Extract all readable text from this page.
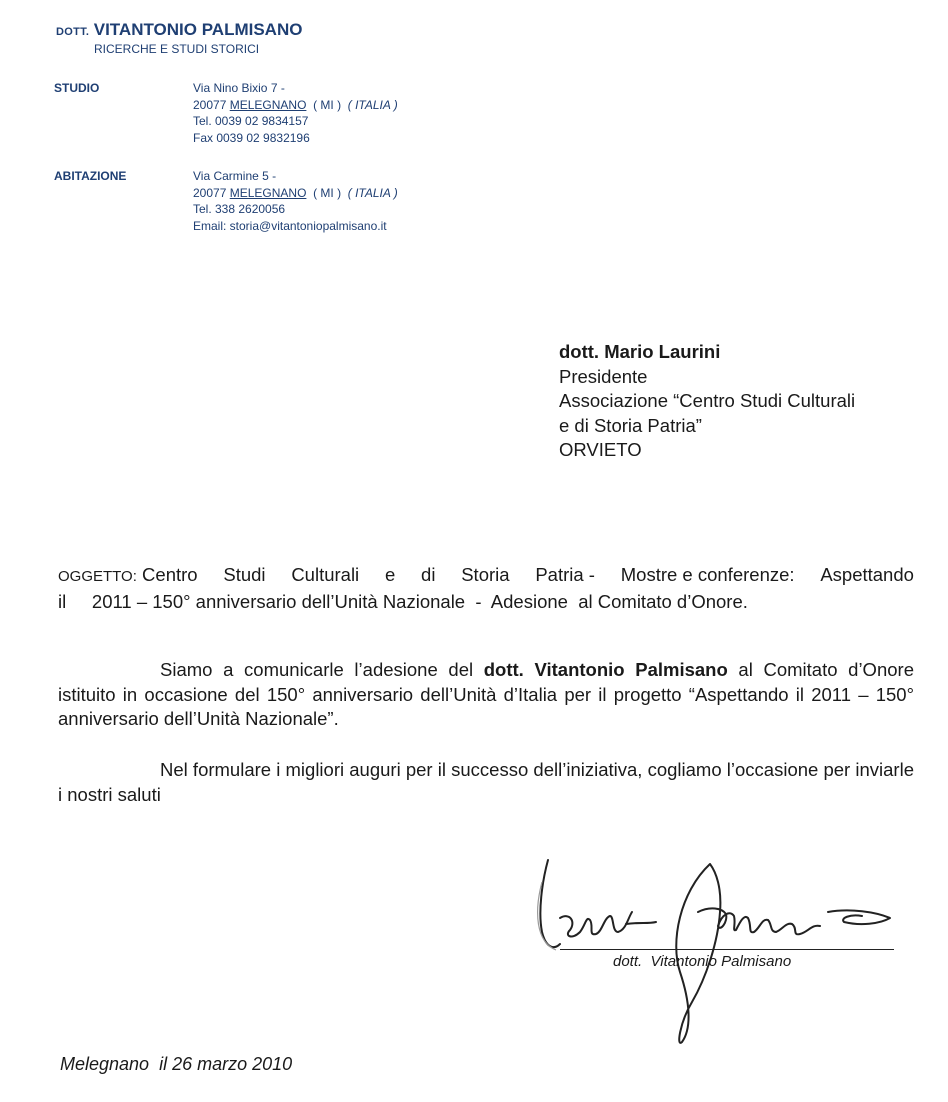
DOTT. VITANTONIO PALMISANO
RICERCHE E STUDI STORICI
STUDIO	Via Nino Bixio 7 -
20077 MELEGNANO ( MI ) ( ITALIA )
Tel. 0039 02 9834157
Fax 0039 02 9832196
ABITAZIONE	Via Carmine 5 -
20077 MELEGNANO ( MI ) ( ITALIA )
Tel. 338 2620056
Email: storia@vitantoniopalmisano.it
dott. Mario Laurini
Presidente
Associazione “Centro Studi Culturali
e di Storia Patria”
ORVIETO
OGGETTO: Centro Studi Culturali e di Storia Patria - Mostre e conferenze: Aspettando
il     2011 – 150° anniversario dell’Unità Nazionale  -  Adesione  al Comitato d’Onore.
Siamo a comunicarle l’adesione del dott. Vitantonio Palmisano al Comitato d’Onore istituito in occasione del 150° anniversario dell’Unità d’Italia per il progetto “Aspettando il 2011 – 150° anniversario dell’Unità Nazionale”.
Nel formulare i migliori auguri per il successo dell’iniziativa, cogliamo l’occasione per inviarle i nostri saluti
dott.  Vitantonio Palmisano
Melegnano  il 26 marzo 2010
